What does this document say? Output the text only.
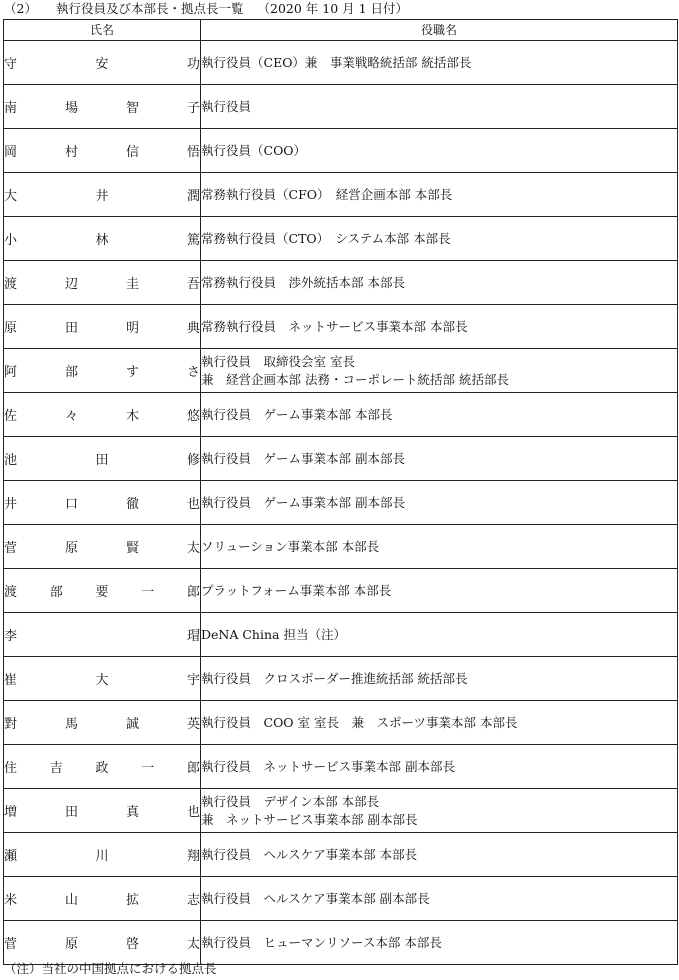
（2） 執行役員及び本部長・拠点長一覧 （2020 年 10 月 1 日付）
氏名	役職名
守 安 功	執行役員（CEO）兼　事業戦略統括部 統括部長

南 場 智 子	執行役員

岡 村 信 悟	執行役員（COO）

大 井 潤	常務執行役員（CFO）　経営企画本部 本部長

小 林 篤	常務執行役員（CTO）　システム本部 本部長

渡 辺 圭 吾	常務執行役員　渉外統括本部 本部長

原 田 明 典	常務執行役員　ネットサービス事業本部 本部長

阿 部 す さ	執行役員　取締役会室 室長
兼　経営企画本部 法務・コーポレート統括部 統括部長

佐 々 木 悠	執行役員　ゲーム事業本部 本部長

池 田 修	執行役員　ゲーム事業本部 副本部長

井 口 徹 也	執行役員　ゲーム事業本部 副本部長

菅 原 賢 太	ソリューション事業本部 本部長

渡 部 要 一 郎	プラットフォーム事業本部 本部長

李 瑁	DeNA China 担当（注）

崔 大 宇	執行役員　クロスボーダー推進統括部 統括部長

對 馬 誠 英	執行役員　COO 室 室長　兼　スポーツ事業本部 本部長

住 吉 政 一 郎	執行役員　ネットサービス事業本部 副本部長

増 田 真 也	執行役員　デザイン本部 本部長
兼　ネットサービス事業本部 副本部長

瀬 川 翔	執行役員　ヘルスケア事業本部 本部長

米 山 拡 志	執行役員　ヘルスケア事業本部 副本部長

菅 原 啓 太	執行役員　ヒューマンリソース本部 本部長
（注）当社の中国拠点における拠点長
